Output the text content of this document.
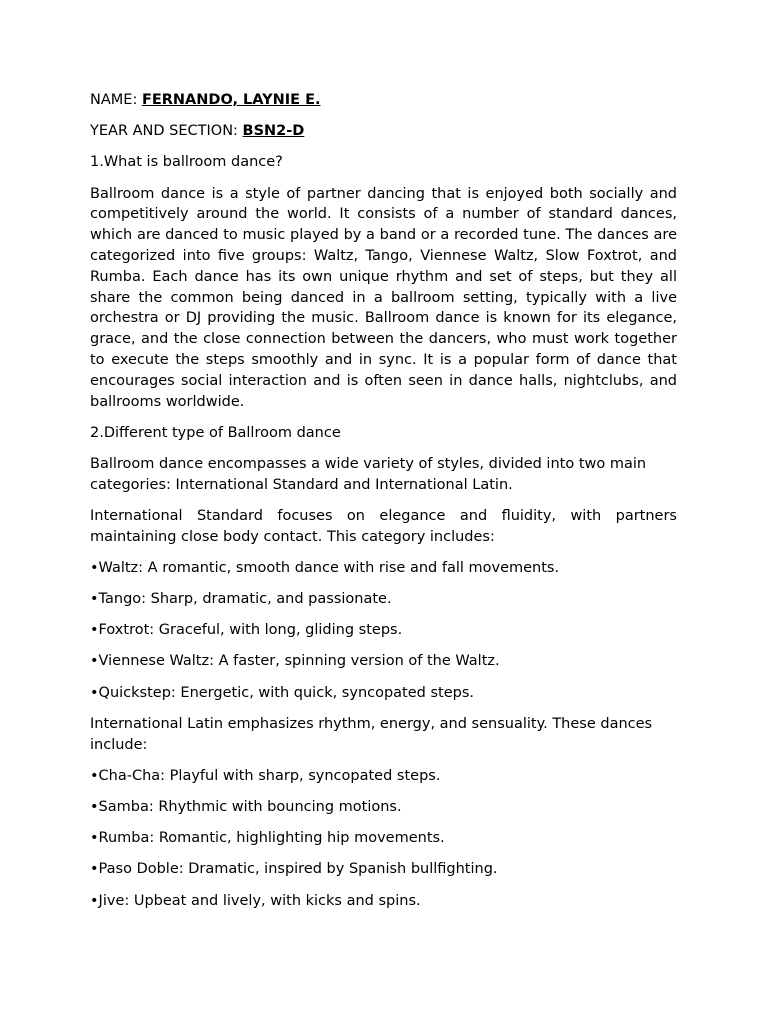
NAME: FERNANDO, LAYNIE E.
YEAR AND SECTION: BSN2-D
1.What is ballroom dance?
Ballroom dance is a style of partner dancing that is enjoyed both socially and competitively around the world. It consists of a number of standard dances, which are danced to music played by a band or a recorded tune. The dances are categorized into five groups: Waltz, Tango, Viennese Waltz, Slow Foxtrot, and Rumba. Each dance has its own unique rhythm and set of steps, but they all share the common being danced in a ballroom setting, typically with a live orchestra or DJ providing the music. Ballroom dance is known for its elegance, grace, and the close connection between the dancers, who must work together to execute the steps smoothly and in sync. It is a popular form of dance that encourages social interaction and is often seen in dance halls, nightclubs, and ballrooms worldwide.
2.Different type of Ballroom dance
Ballroom dance encompasses a wide variety of styles, divided into two main categories: International Standard and International Latin.
International Standard focuses on elegance and fluidity, with partners maintaining close body contact. This category includes:
•Waltz: A romantic, smooth dance with rise and fall movements.
•Tango: Sharp, dramatic, and passionate.
•Foxtrot: Graceful, with long, gliding steps.
•Viennese Waltz: A faster, spinning version of the Waltz.
•Quickstep: Energetic, with quick, syncopated steps.
International Latin emphasizes rhythm, energy, and sensuality. These dances include:
•Cha-Cha: Playful with sharp, syncopated steps.
•Samba: Rhythmic with bouncing motions.
•Rumba: Romantic, highlighting hip movements.
•Paso Doble: Dramatic, inspired by Spanish bullfighting.
•Jive: Upbeat and lively, with kicks and spins.
